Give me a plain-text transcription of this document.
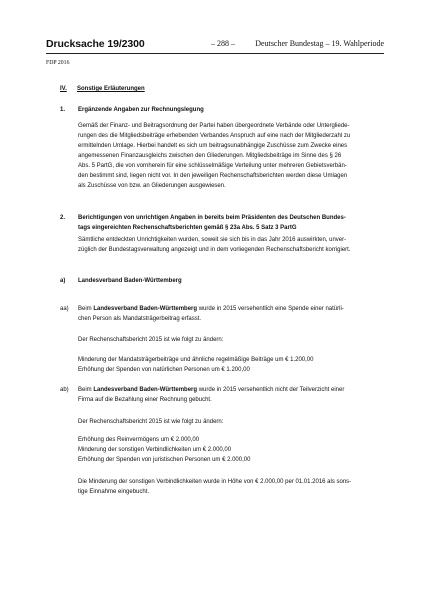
Drucksache 19/2300	– 288 –	Deutscher Bundestag – 19. Wahlperiode
FDP 2016
IV. Sonstige Erläuterungen
1. Ergänzende Angaben zur Rechnungslegung
Gemäß der Finanz- und Beitragsordnung der Partei haben übergeordnete Verbände oder Untergliede-
rungen des die Mitgliedsbeiträge erhebenden Verbandes Anspruch auf eine nach der Mitgliederzahl zu
ermittelnden Umlage. Hierbei handelt es sich um beitragsunabhängige Zuschüsse zum Zwecke eines
angemessenen Finanzausgleichs zwischen den Gliederungen. Mitgliedsbeiträge im Sinne des § 26
Abs. 5 PartG, die von vornherein für eine schlüsselmäßige Verteilung unter mehreren Gebietsverbän-
den bestimmt sind, liegen nicht vor. In den jeweiligen Rechenschaftsberichten werden diese Umlagen
als Zuschüsse von bzw. an Gliederungen ausgewiesen.
2. Berichtigungen von unrichtigen Angaben in bereits beim Präsidenten des Deutschen Bundes-
tags eingereichten Rechenschaftsberichten gemäß § 23a Abs. 5 Satz 3 PartG
Sämtliche entdeckten Unrichtigkeiten wurden, soweit sie sich bis in das Jahr 2016 auswirkten, unver-
züglich der Bundestagsverwaltung angezeigt und in dem vorliegenden Rechenschaftsbericht korrigiert.
a) Landesverband Baden-Württemberg
aa) Beim Landesverband Baden-Württemberg wurde in 2015 versehentlich eine Spende einer natürli-
chen Person als Mandatsträgerbeitrag erfasst.
Der Rechenschaftsbericht 2015 ist wie folgt zu ändern:
Minderung der Mandatsträgerbeiträge und ähnliche regelmäßige Beiträge um € 1.200,00
Erhöhung der Spenden von natürlichen Personen um € 1.200,00
ab) Beim Landesverband Baden-Württemberg wurde in 2015 versehentlich nicht der Teilverzicht einer
Firma auf die Bezahlung einer Rechnung gebucht.
Der Rechenschaftsbericht 2015 ist wie folgt zu ändern:
Erhöhung des Reinvermögens um € 2.000,00
Minderung der sonstigen Verbindlichkeiten um € 2.000,00
Erhöhung der Spenden von juristischen Personen um € 2.000,00
Die Minderung der sonstigen Verbindlichkeiten wurde in Höhe von € 2.000,00 per 01.01.2016 als sons-
tige Einnahme eingebucht.
